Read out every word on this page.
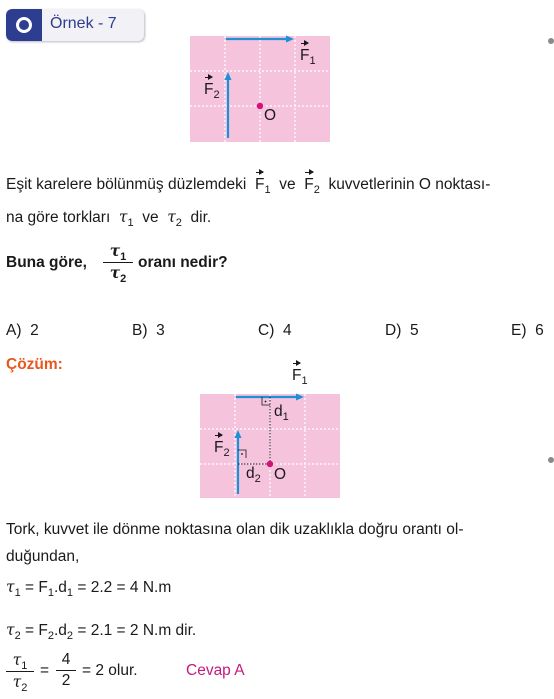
Örnek - 7
$F_1$
$F_2$
O
Eşit karelere bölünmüş düzlemdeki $F_1$ ve $F_2$ kuvvetlerinin O noktası-
na göre torkları $\tau_1$ ve $\tau_2$ dir.
Buna göre,
$\tau_1$
$\tau_2$
oranı nedir?
A) 2	B) 3	C) 4	D) 5	E) 6
Çözüm:
$F_1$
$d_1$
$F_2$
$d_2$ O
Tork, kuvvet ile dönme noktasına olan dik uzaklıkla doğru orantı ol-
duğundan,
$\tau_1 = F_1.d_1 = 2.2 = 4$ N.m
$\tau_2 = F_2.d_2 = 2.1 = 2$ N.m dir.
$\tau_1$
$\tau_2$
=
4
2
= 2 olur.	Cevap A
